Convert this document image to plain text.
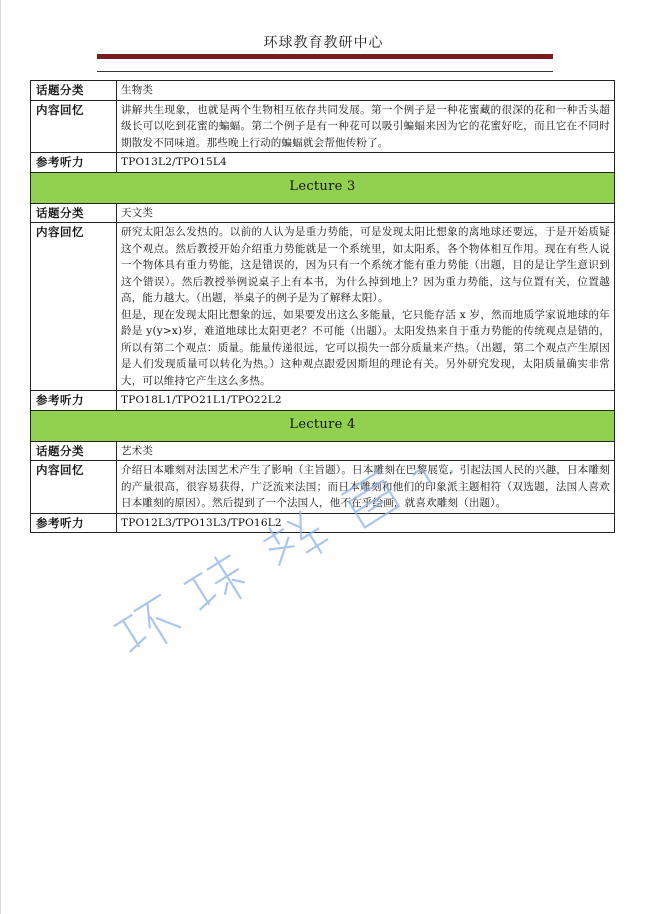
环球教育教研中心
话题分类	生物类
内容回忆	讲解共生现象，也就是两个生物相互依存共同发展。第一个例子是一种花蜜藏的很深的花和一种舌头超级长可以吃到花蜜的蝙蝠。第二个例子是有一种花可以吸引蝙蝠来因为它的花蜜好吃，而且它在不同时期散发不同味道。那些晚上行动的蝙蝠就会帮他传粉了。

参考听力	TPO13L2/TPO15L4
Lecture 3	
话题分类	天文类
内容回忆	研究太阳怎么发热的。以前的人认为是重力势能，可是发现太阳比想象的离地球还要远，于是开始质疑这个观点。然后教授开始介绍重力势能就是一个系统里，如太阳系，各个物体相互作用。现在有些人说一个物体具有重力势能，这是错误的，因为只有一个系统才能有重力势能（出题，目的是让学生意识到这个错误）。然后教授举例说桌子上有本书，为什么掉到地上？因为重力势能，这与位置有关，位置越高，能力越大。（出题，举桌子的例子是为了解释太阳）。
但是，现在发现太阳比想象的远，如果要发出这么多能量，它只能存活 x 岁，然而地质学家说地球的年龄是 y(y>x)岁，难道地球比太阳更老？不可能（出题）。太阳发热来自于重力势能的传统观点是错的，所以有第二个观点：质量。能量传递很远，它可以损失一部分质量来产热。（出题，第二个观点产生原因是人们发现质量可以转化为热。）这种观点跟爱因斯坦的理论有关。另外研究发现，太阳质量确实非常大，可以维持它产生这么多热。

参考听力	TPO18L1/TPO21L1/TPO22L2
Lecture 4	
话题分类	艺术类
内容回忆	介绍日本雕刻对法国艺术产生了影响（主旨题）。日本雕刻在巴黎展览，引起法国人民的兴趣，日本雕刻的产量很高，很容易获得，广泛流来法国；而日本雕刻和他们的印象派主题相符（双选题，法国人喜欢日本雕刻的原因）。然后提到了一个法国人，他不在乎绘画，就喜欢雕刻（出题）。

参考听力	TPO12L3/TPO13L3/TPO16L2
